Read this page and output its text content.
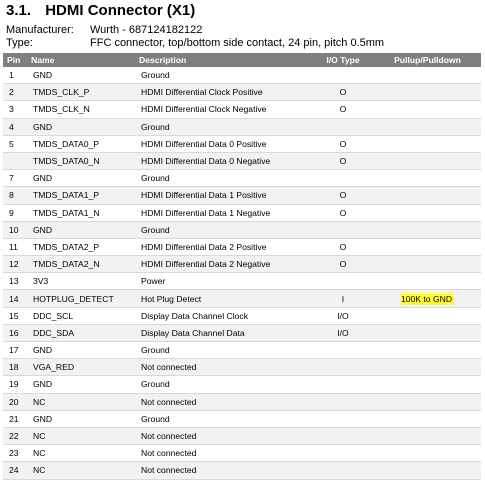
3.1. HDMI Connector (X1)
Manufacturer: Wurth - 687124182122
Type:	FFC connector, top/bottom side contact, 24 pin, pitch 0.5mm
Pin	Name	Description	I/O Type	Pullup/Pulldown
1	GND	Ground		
2	TMDS_CLK_P	HDMI Differential Clock Positive	O	
3	TMDS_CLK_N	HDMI Differential Clock Negative	O	
4	GND	Ground		
5	TMDS_DATA0_P	HDMI Differential Data 0 Positive	O	
	TMDS_DATA0_N	HDMI Differential Data 0 Negative	O	
7	GND	Ground		
8	TMDS_DATA1_P	HDMI Differential Data 1 Positive	O	
9	TMDS_DATA1_N	HDMI Differential Data 1 Negative	O	
10	GND	Ground		
11	TMDS_DATA2_P	HDMI Differential Data 2 Positive	O	
12	TMDS_DATA2_N	HDMI Differential Data 2 Negative	O	
13	3V3	Power		
14	HOTPLUG_DETECT	Hot Plug Detect	I	100K to GND
15	DDC_SCL	Display Data Channel Clock	I/O	
16	DDC_SDA	Display Data Channel Data	I/O	
17	GND	Ground		
18	VGA_RED	Not connected		
19	GND	Ground		
20	NC	Not connected		
21	GND	Ground		
22	NC	Not connected		
23	NC	Not connected		
24	NC	Not connected		
